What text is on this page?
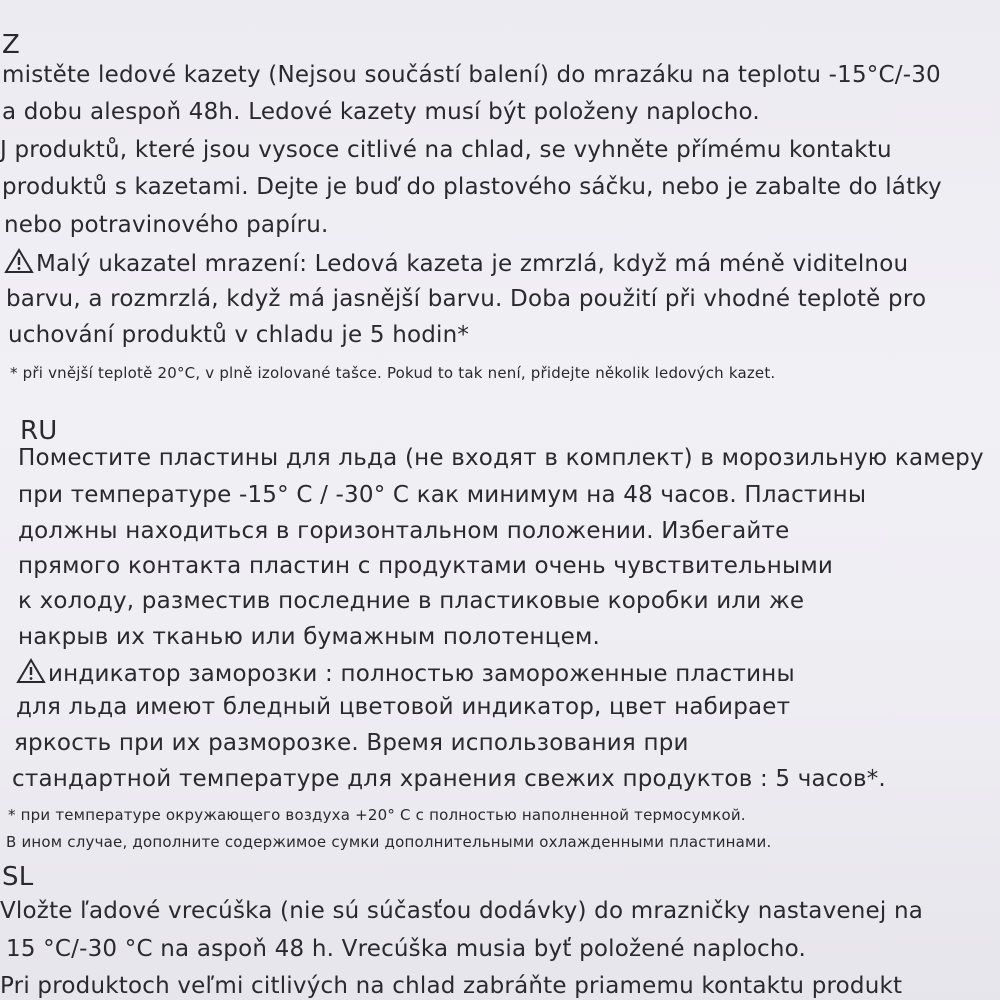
Z
mistěte ledové kazety (Nejsou součástí balení) do mrazáku na teplotu -15°C/-30
a dobu alespoň 48h. Ledové kazety musí být položeny naplocho.
J produktů, které jsou vysoce citlivé na chlad, se vyhněte přímému kontaktu
produktů s kazetami. Dejte je buď do plastového sáčku, nebo je zabalte do látky
nebo potravinového papíru.
Malý ukazatel mrazení: Ledová kazeta je zmrzlá, když má méně viditelnou
barvu, a rozmrzlá, když má jasnější barvu. Doba použití při vhodné teplotě pro
uchování produktů v chladu je 5 hodin*
* při vnější teplotě 20°C, v plně izolované tašce. Pokud to tak není, přidejte několik ledových kazet.
RU
Поместите пластины для льда (не входят в комплект) в морозильную камеру
при температуре -15° C / -30° C как минимум на 48 часов. Пластины
должны находиться в горизонтальном положении. Избегайте
прямого контакта пластин с продуктами очень чувствительными
к холоду, разместив последние в пластиковые коробки или же
накрыв их тканью или бумажным полотенцем.
индикатор заморозки : полностью замороженные пластины
для льда имеют бледный цветовой индикатор, цвет набирает
яркость при их разморозке. Время использования при
стандартной температуре для хранения свежих продуктов : 5 часов*.
* при температуре окружающего воздуха +20° C с полностью наполненной термосумкой.
В ином случае, дополните содержимое сумки дополнительными охлажденными пластинами.
SL
Vložte ľadové vrecúška (nie sú súčasťou dodávky) do mrazničky nastavenej na
15 °C/-30 °C na aspoň 48 h. Vrecúška musia byť položené naplocho.
Pri produktoch veľmi citlivých na chlad zabráňte priamemu kontaktu produkt
